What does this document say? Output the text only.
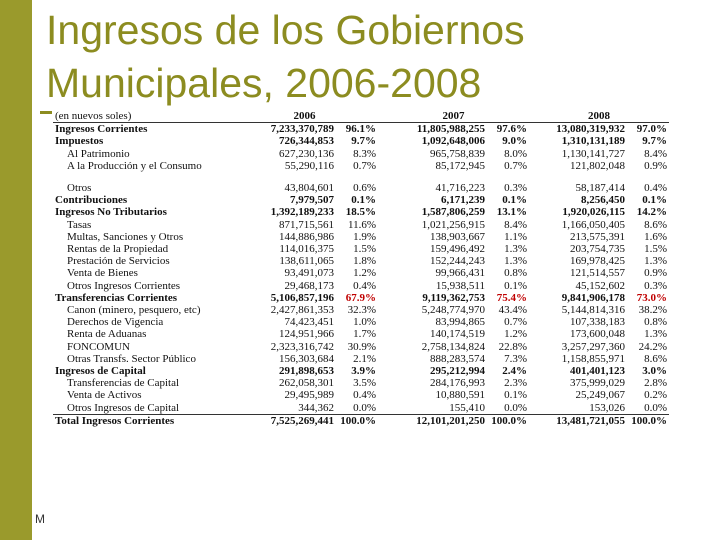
Ingresos de los Gobiernos
Municipales, 2006-2008
(en nuevos soles)	2006		2007		2008	
Ingresos Corrientes	7,233,370,789	96.1%	11,805,988,255	97.6%	13,080,319,932	97.0%
Impuestos	726,344,853	9.7%	1,092,648,006	9.0%	1,310,131,189	9.7%
Al Patrimonio	627,230,136	8.3%	965,758,839	8.0%	1,130,141,727	8.4%
A la Producción y el Consumo	55,290,116	0.7%	85,172,945	0.7%	121,802,048	0.9%

Otros	43,804,601	0.6%	41,716,223	0.3%	58,187,414	0.4%
Contribuciones	7,979,507	0.1%	6,171,239	0.1%	8,256,450	0.1%
Ingresos No Tributarios	1,392,189,233	18.5%	1,587,806,259	13.1%	1,920,026,115	14.2%
Tasas	871,715,561	11.6%	1,021,256,915	8.4%	1,166,050,405	8.6%
Multas, Sanciones y Otros	144,886,986	1.9%	138,903,667	1.1%	213,575,391	1.6%
Rentas de la Propiedad	114,016,375	1.5%	159,496,492	1.3%	203,754,735	1.5%
Prestación de Servicios	138,611,065	1.8%	152,244,243	1.3%	169,978,425	1.3%
Venta de Bienes	93,491,073	1.2%	99,966,431	0.8%	121,514,557	0.9%
Otros Ingresos Corrientes	29,468,173	0.4%	15,938,511	0.1%	45,152,602	0.3%
Transferencias Corrientes	5,106,857,196	67.9%	9,119,362,753	75.4%	9,841,906,178	73.0%
Canon (minero, pesquero, etc)	2,427,861,353	32.3%	5,248,774,970	43.4%	5,144,814,316	38.2%
Derechos de Vigencia	74,423,451	1.0%	83,994,865	0.7%	107,338,183	0.8%
Renta de Aduanas	124,951,966	1.7%	140,174,519	1.2%	173,600,048	1.3%
FONCOMUN	2,323,316,742	30.9%	2,758,134,824	22.8%	3,257,297,360	24.2%
Otras Transfs. Sector Público	156,303,684	2.1%	888,283,574	7.3%	1,158,855,971	8.6%
Ingresos de Capital	291,898,653	3.9%	295,212,994	2.4%	401,401,123	3.0%
Transferencias de Capital	262,058,301	3.5%	284,176,993	2.3%	375,999,029	2.8%
Venta de Activos	29,495,989	0.4%	10,880,591	0.1%	25,249,067	0.2%
Otros Ingresos de Capital	344,362	0.0%	155,410	0.0%	153,026	0.0%
Total Ingresos Corrientes	7,525,269,441	100.0%	12,101,201,250	100.0%	13,481,721,055	100.0%
M
